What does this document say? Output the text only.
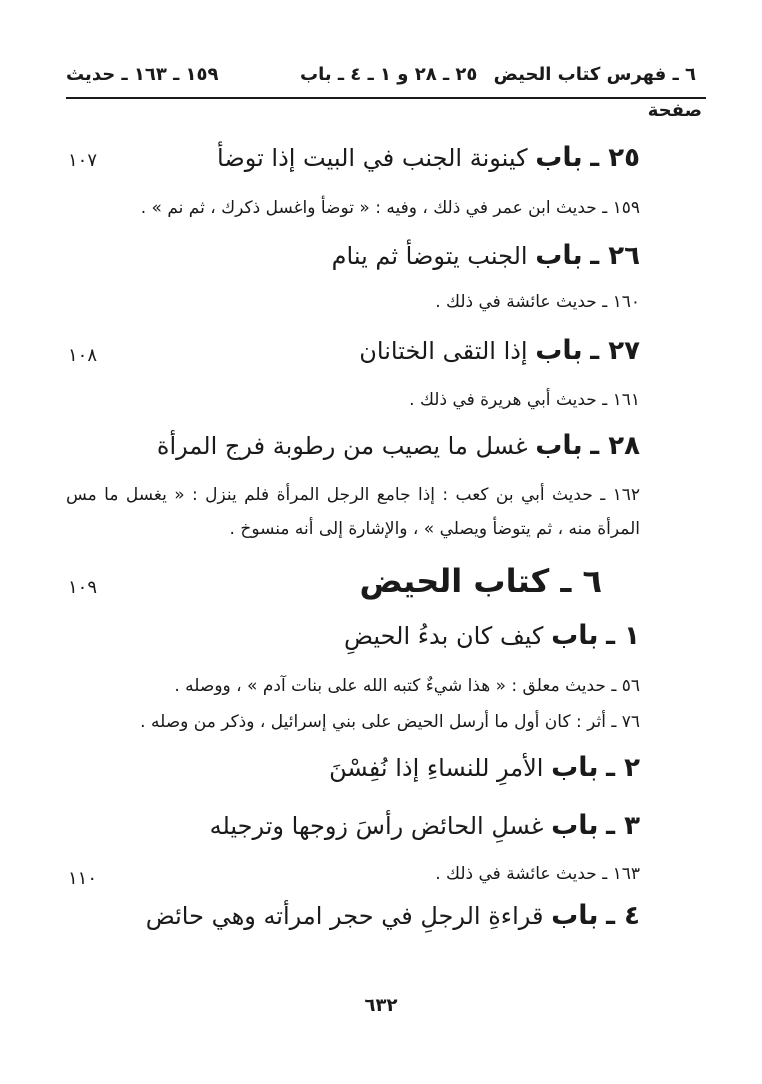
٦ ـ فهرس كتاب الحيض
٢٥ ـ ٢٨ و ١ ـ ٤ ـ باب
١٥٩ ـ ١٦٣ ـ حديث
صفحة
١٠٧	٢٥ ـ باب كينونة الجنب في البيت إذا توضأ
١٥٩ ـ حديث ابن عمر في ذلك ، وفيه : « توضأ واغسل ذكرك ، ثم نم » .
٢٦ ـ باب الجنب يتوضأ ثم ينام
١٦٠ ـ حديث عائشة في ذلك .
١٠٨	٢٧ ـ باب إذا التقى الختانان
١٦١ ـ حديث أبي هريرة في ذلك .
٢٨ ـ باب غسل ما يصيب من رطوبة فرج المرأة
١٦٢ ـ حديث أبي بن كعب : إذا جامع الرجل المرأة فلم ينزل : « يغسل ما مس المرأة منه ، ثم يتوضأ ويصلي » ، والإشارة إلى أنه منسوخ .
١٠٩	٦ ـ كتاب الحيض
١ ـ باب كيف كان بدءُ الحيضِ
٥٦ ـ حديث معلق : « هذا شيءٌ كتبه الله على بنات آدم » ، ووصله .
٧٦ ـ أثر : كان أول ما أرسل الحيض على بني إسرائيل ، وذكر من وصله .
٢ ـ باب الأمرِ للنساءِ إذا نُفِسْنَ
٣ ـ باب غسلِ الحائض رأسَ زوجها وترجيله
١١٠	١٦٣ ـ حديث عائشة في ذلك .
٤ ـ باب قراءةِ الرجلِ في حجر امرأته وهي حائض
٦٣٢
